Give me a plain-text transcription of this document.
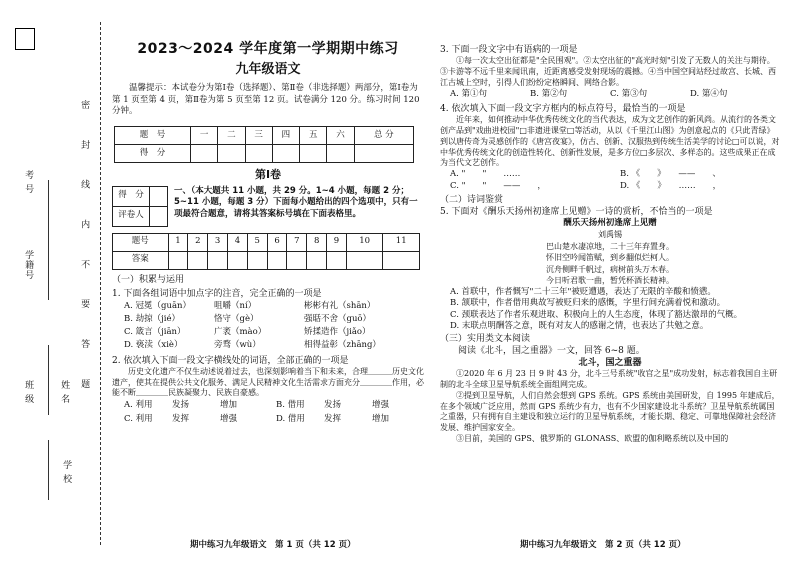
考 号
学籍号
班 级	姓 名
学 校
密 封 线 内 不 要 答 题
2023～2024 学年度第一学期期中练习
九年级语文

温馨提示：本试卷分为第Ⅰ卷（选择题）、第Ⅱ卷（非选择题）两部分，第Ⅰ卷为第 1 页至第 4 页，第Ⅱ卷为第 5 页至第 12 页。试卷满分 120 分。练习时间 120 分钟。

题　号	一	二	三	四	五	六	总 分
得　分							
第Ⅰ卷
得　分	
评卷人	

一、（本大题共 11 小题，共 29 分。1~4 小题，每题 2 分；5~11 小题，每题 3 分）下面每小题给出的四个选项中，只有一项最符合题意，请将其答案标号填在下面表格里。

题号	1	2	3	4	5	6	7	8	9	10	11
答案											

（一）积累与运用

1. 下面各组词语中加点字的注音，完全正确的一项是

A. 冠冕（guān）	咀嚼（ní）	彬彬有礼（shān）
B. 劫掠（jié）	恪守（gè）	强聒不舍（guō）
C. 箴言（jiān）	广袤（mào）	矫揉造作（jiǎo）
D. 亵渎（xiè）	旁骛（wù）	相得益彰（zhāng）

2. 依次填入下面一段文字横线处的词语，全部正确的一项是

　　历史文化遗产不仅生动述说着过去，也深刻影响着当下和未来，合理＿＿＿历史文化遗产，使其在提供公共文化服务、满足人民精神文化生活需求方面充分＿＿＿＿作用，必能不断＿＿＿＿民族凝聚力、民族自豪感。

A. 利用	发扬	增加	B. 借用	发扬	增强
C. 利用	发挥	增强	D. 借用	发挥	增加
期中练习九年级语文　第 1 页（共 12 页）

3. 下面一段文字中有语病的一项是

　　①每一次太空出征都是"全民围观"。②太空出征的"高光时刻"引发了无数人的关注与期待。③卡游等不远千里来闻讯南，近距离感受发射现场的震撼。④当中国空间站经过故宫、长城、西江古城上空时，引得人们纷纷定格瞬间、网络合影。

A. 第①句	B. 第②句	C. 第③句	D. 第④句

4. 依次填入下面一段文字方框内的标点符号，最恰当的一项是

　　近年来，如何推动中华优秀传统文化的当代表达，成为文艺创作的新风尚。从流行的各类文创产品到"戏曲进校园"□非遗进课堂□等活动，从以《千里江山图》为创意起点的《只此青绿》到以唐传奇为灵感创作的《唐宫夜宴》，仿古、创新、汉服热到传统生活美学的讨论□可以说，对中华优秀传统文化的创造性转化、创新性发展，是多方位□多层次、多样态的。这些成果正在成为当代文艺创作。

A. "　　"　　……	B. 《　　》　　——　　、
C. "　　"　　——　　，	D. 《　　》　　……　　，

（二）诗词鉴赏

5. 下面对《酬乐天扬州初逢席上见赠》一诗的赏析，不恰当的一项是

酬乐天扬州初逢席上见赠

刘禹锡

巴山楚水凄凉地，二十三年弃置身。

怀旧空吟闻笛赋，到乡翻似烂柯人。

沉舟侧畔千帆过，病树前头万木春。

今日听君歌一曲，暂凭杯酒长精神。

A. 首联中，作者慨写"二十三年"被贬遭遇，表达了无限的辛酸和愤懑。

B. 颔联中，作者借用典故写被贬归来的感慨，字里行间充满着悦和激动。

C. 颈联表达了作者乐观进取、积极向上的人生态度，体现了豁达激昂的气概。

D. 末联点明酬答之意，既有对友人的感谢之情，也表达了共勉之意。

（三）实用类文本阅读

　　阅读《北斗，国之重器》一文，回答 6~8 题。

北斗，国之重器

　　①2020 年 6 月 23 日 9 时 43 分，北斗三号系统"收官之星"成功发射，标志着我国自主研制的北斗全球卫星导航系统全面组网完成。

　　②提到卫星导航，人们自然会想到 GPS 系统。GPS 系统由美国研发，自 1995 年建成后，在多个领域广泛应用，然而 GPS 系统少有力，也有不少国家建设北斗系统？卫星导航系统属国之重器，只有拥有自主建设和独立运行的卫星导航系统，才能长期、稳定、可靠地保障社会经济发展、维护国家安全。

　　③目前，美国的 GPS、俄罗斯的 GLONASS、欧盟的伽利略系统以及中国的

期中练习九年级语文　第 2 页（共 12 页）
